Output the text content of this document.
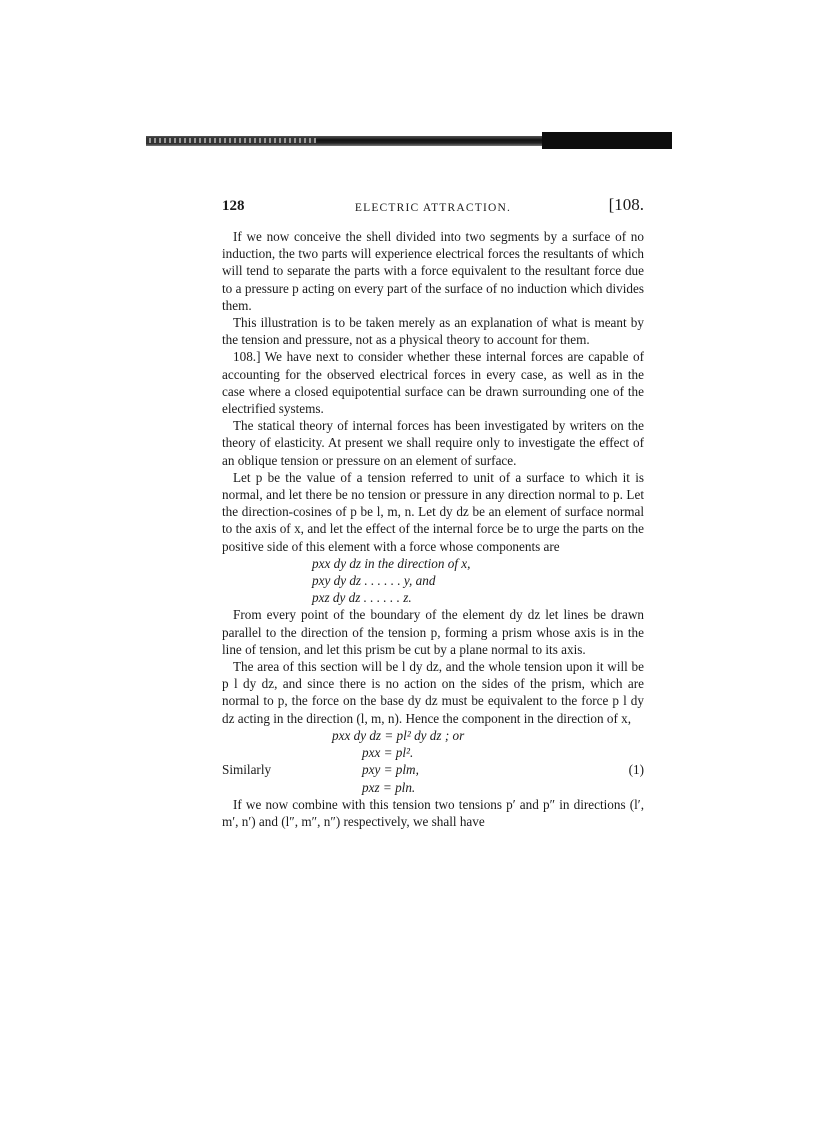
128	ELECTRIC ATTRACTION.	[108.

If we now conceive the shell divided into two segments by a surface of no induction, the two parts will experience electrical forces the resultants of which will tend to separate the parts with a force equivalent to the resultant force due to a pressure p acting on every part of the surface of no induction which divides them.

This illustration is to be taken merely as an explanation of what is meant by the tension and pressure, not as a physical theory to account for them.

108.] We have next to consider whether these internal forces are capable of accounting for the observed electrical forces in every case, as well as in the case where a closed equipotential surface can be drawn surrounding one of the electrified systems.

The statical theory of internal forces has been investigated by writers on the theory of elasticity. At present we shall require only to investigate the effect of an oblique tension or pressure on an element of surface.

Let p be the value of a tension referred to unit of a surface to which it is normal, and let there be no tension or pressure in any direction normal to p. Let the direction-cosines of p be l, m, n. Let dy dz be an element of surface normal to the axis of x, and let the effect of the internal force be to urge the parts on the positive side of this element with a force whose components are

pxx dy dz in the direction of x,
pxy dy dz . . . . . . y, and
pxz dy dz . . . . . . z.

From every point of the boundary of the element dy dz let lines be drawn parallel to the direction of the tension p, forming a prism whose axis is in the line of tension, and let this prism be cut by a plane normal to its axis.

The area of this section will be l dy dz, and the whole tension upon it will be p l dy dz, and since there is no action on the sides of the prism, which are normal to p, the force on the base dy dz must be equivalent to the force p l dy dz acting in the direction (l, m, n). Hence the component in the direction of x,

pxx dy dz = pl² dy dz ; or
pxx = pl².
pxy = plm,
pxz = pln.
Similarly	(1)

If we now combine with this tension two tensions p′ and p″ in directions (l′, m′, n′) and (l″, m″, n″) respectively, we shall have
